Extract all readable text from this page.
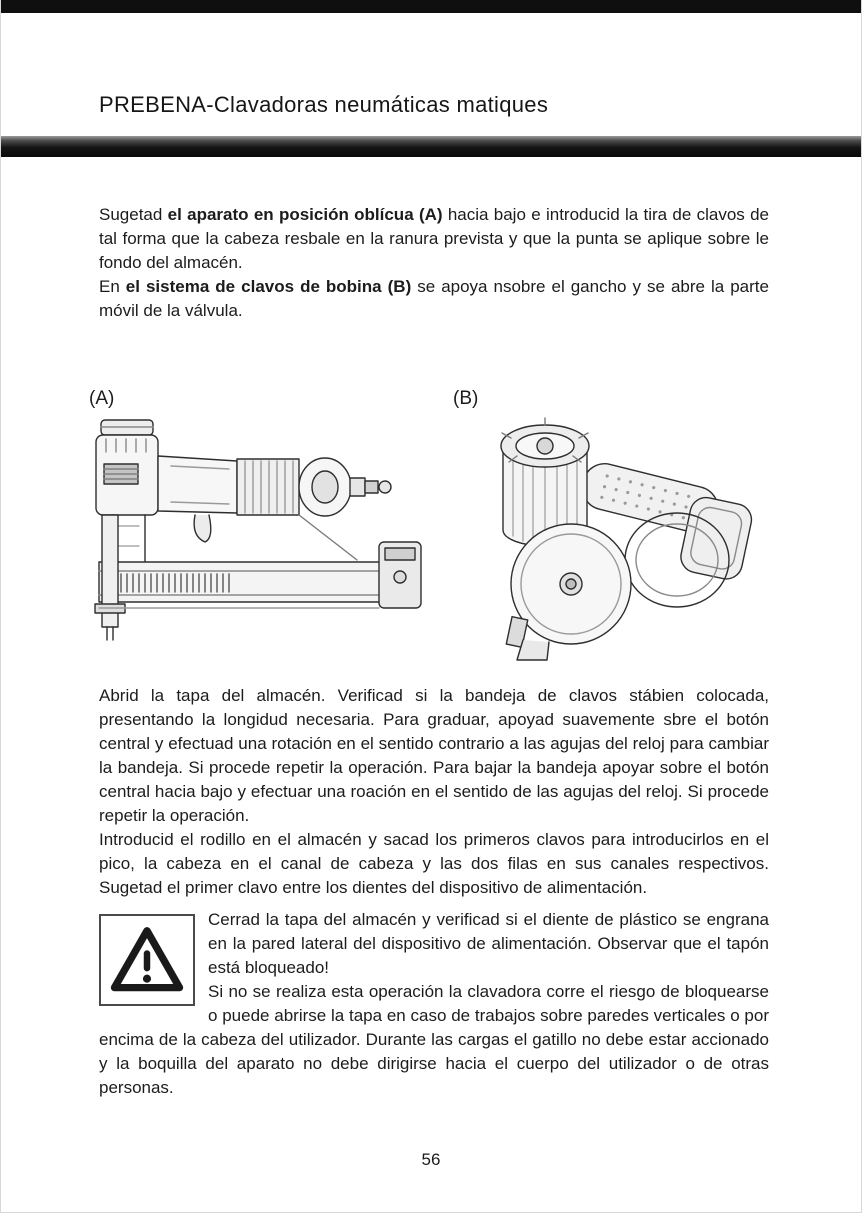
PREBENA-Clavadoras neumáticas matiques

Sugetad el aparato en posición oblícua (A) hacia bajo e introducid la tira de clavos de tal forma que la cabeza resbale en la ranura prevista y que la punta se aplique sobre le fondo del almacén.

En el sistema de clavos de bobina (B) se apoya nsobre el gancho y se abre la parte móvil de la válvula.

(A)	(B)

Abrid la tapa del almacén. Verificad si la bandeja de clavos stábien colocada, presentando la longidud necesaria. Para graduar, apoyad suavemente sbre el botón central y efectuad una rotación en el sentido contrario a las agujas del reloj para cambiar la bandeja. Si procede repetir la operación. Para bajar la bandeja apoyar sobre el botón central hacia bajo y efectuar una roación en el sentido de las agujas del reloj. Si procede repetir la operación.

Introducid el rodillo en el almacén y sacad los primeros clavos para introducirlos en el pico, la cabeza en el canal de cabeza y las dos filas en sus canales respectivos. Sugetad el primer clavo entre los dientes del dispositivo de alimentación.

Cerrad la tapa del almacén y verificad si el diente de plástico se engrana en la pared lateral del dispositivo de alimentación. Observar que el tapón está bloqueado!

Si no se realiza esta operación la clavadora corre el riesgo de bloquearse o puede abrirse la tapa en caso de trabajos sobre paredes verticales o por encima de la cabeza del utilizador. Durante las cargas el gatillo no debe estar accionado y la boquilla del aparato no debe dirigirse hacia el cuerpo del utilizador o de otras personas.

56
